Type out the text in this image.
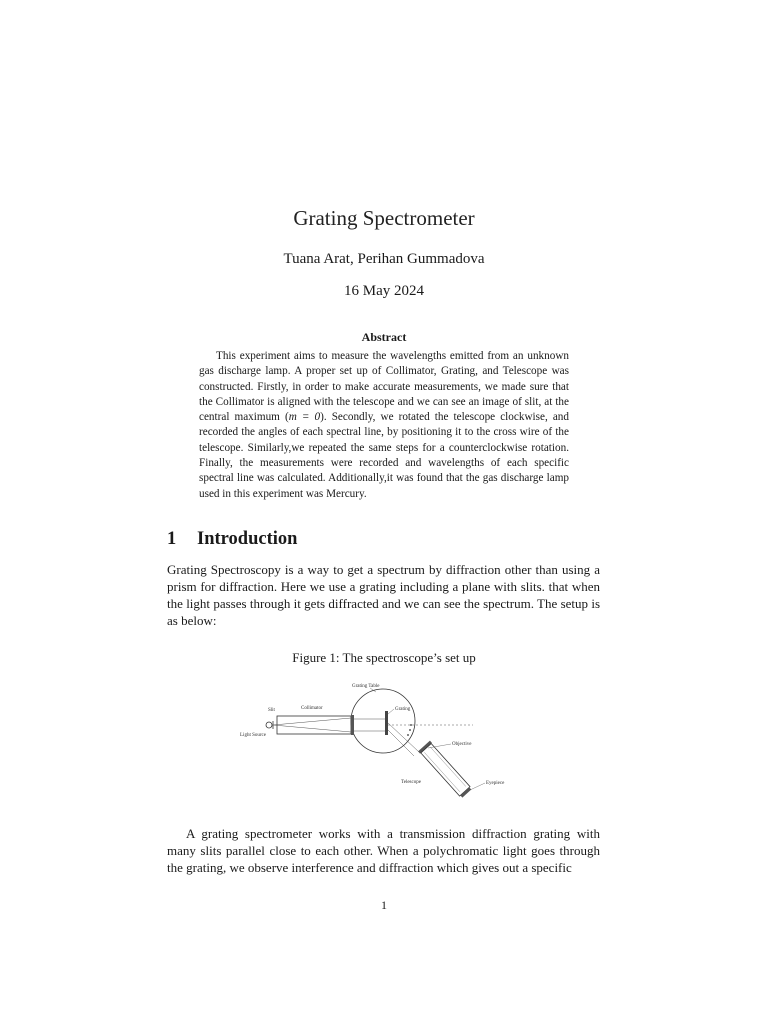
Grating Spectrometer
Tuana Arat, Perihan Gummadova
16 May 2024
Abstract

This experiment aims to measure the wavelengths emitted from an unknown gas discharge lamp. A proper set up of Collimator, Grating, and Telescope was constructed. Firstly, in order to make accurate measurements, we made sure that the Collimator is aligned with the telescope and we can see an image of slit, at the central maximum (m = 0). Secondly, we rotated the telescope clockwise, and recorded the angles of each spectral line, by positioning it to the cross wire of the telescope. Similarly,we repeated the same steps for a counterclockwise rotation. Finally, the measurements were recorded and wavelengths of each specific spectral line was calculated. Additionally,it was found that the gas discharge lamp used in this experiment was Mercury.

1 Introduction

Grating Spectroscopy is a way to get a spectrum by diffraction other than using a prism for diffraction. Here we use a grating including a plane with slits. that when the light passes through it gets diffracted and we can see the spectrum. The setup is as below:

Figure 1: The spectroscope’s set up
Grating Table
Slit	Collimator	Grating
Light Source
Objective
Telescope	Eyepiece

A grating spectrometer works with a transmission diffraction grating with many slits parallel close to each other. When a polychromatic light goes through the grating, we observe interference and diffraction which gives out a specific

1
